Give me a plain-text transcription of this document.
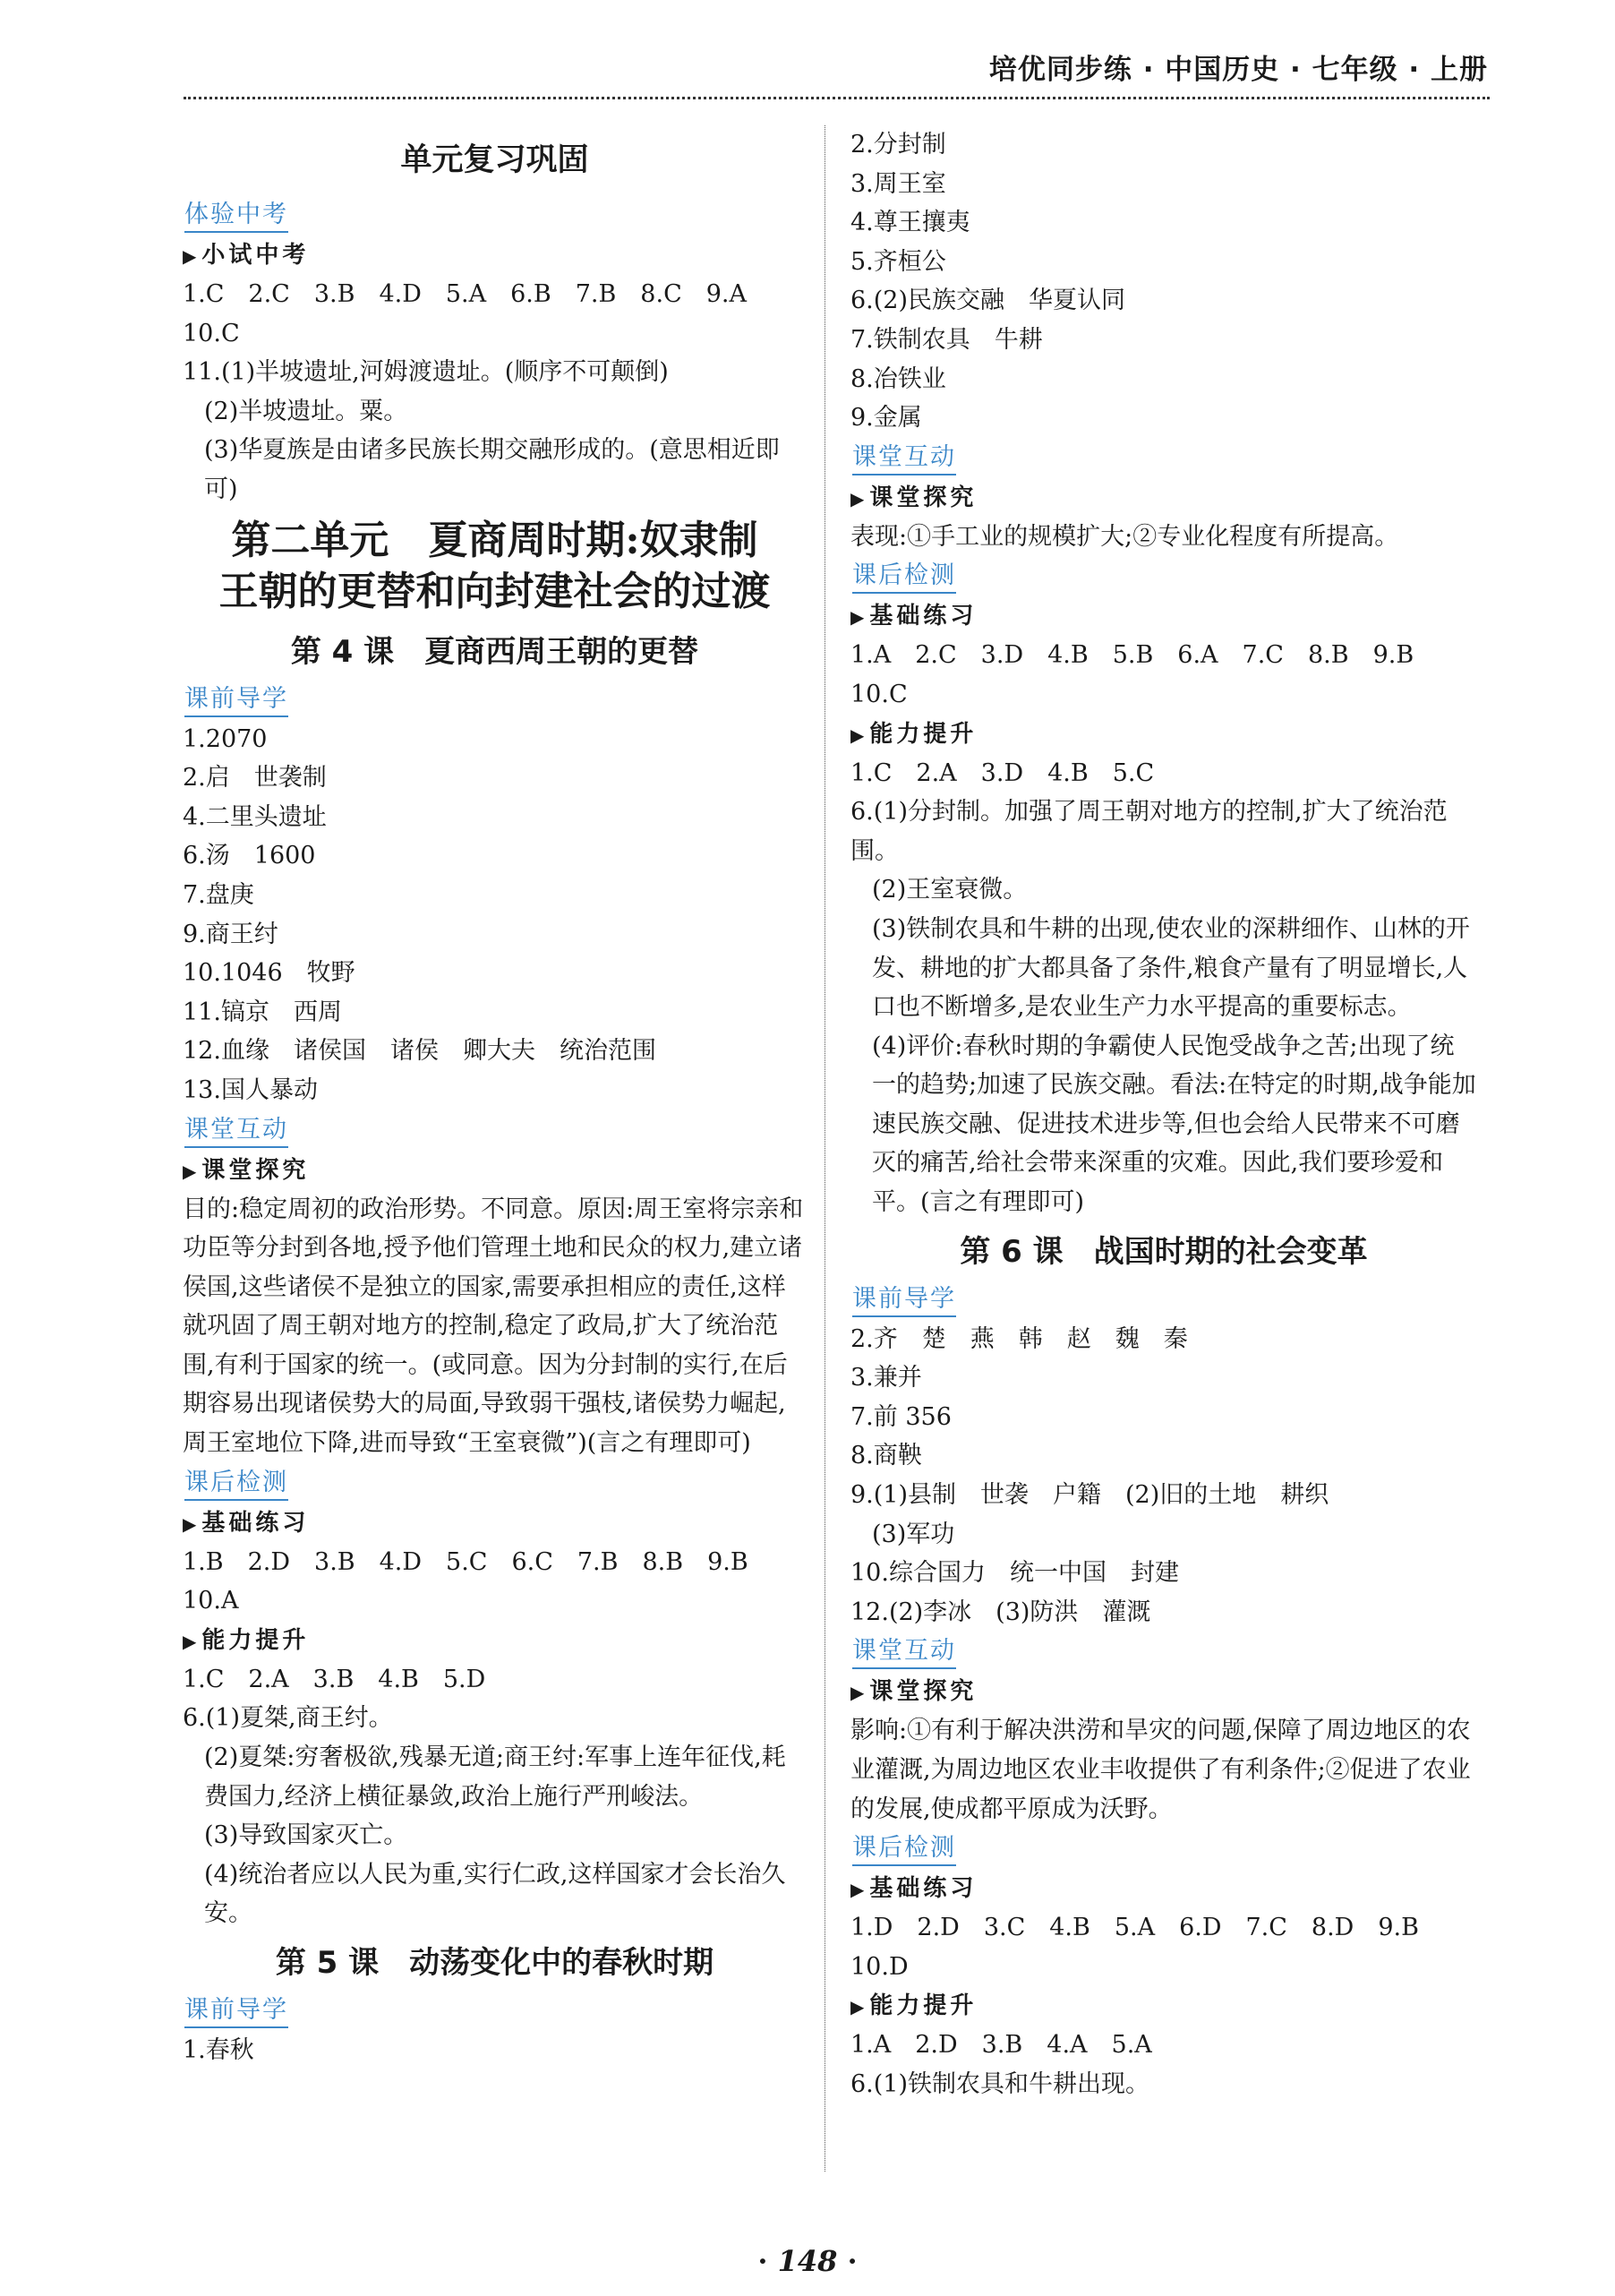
培优同步练 · 中国历史 · 七年级 · 上册
单元复习巩固
体验中考
▶ 小试中考
1.C　2.C　3.B　4.D　5.A　6.B　7.B　8.C　9.A
10.C
11.(1)半坡遗址,河姆渡遗址。(顺序不可颠倒)
(2)半坡遗址。粟。
(3)华夏族是由诸多民族长期交融形成的。(意思相近即可)
第二单元　夏商周时期:奴隶制
王朝的更替和向封建社会的过渡
第 4 课　夏商西周王朝的更替
课前导学
1.2070
2.启　世袭制
4.二里头遗址
6.汤　1600
7.盘庚
9.商王纣
10.1046　牧野
11.镐京　西周
12.血缘　诸侯国　诸侯　卿大夫　统治范围
13.国人暴动
课堂互动
▶ 课堂探究
目的:稳定周初的政治形势。不同意。原因:周王室将宗亲和功臣等分封到各地,授予他们管理土地和民众的权力,建立诸侯国,这些诸侯不是独立的国家,需要承担相应的责任,这样就巩固了周王朝对地方的控制,稳定了政局,扩大了统治范围,有利于国家的统一。(或同意。因为分封制的实行,在后期容易出现诸侯势大的局面,导致弱干强枝,诸侯势力崛起,周王室地位下降,进而导致“王室衰微”)(言之有理即可)
课后检测
▶ 基础练习
1.B　2.D　3.B　4.D　5.C　6.C　7.B　8.B　9.B
10.A
▶ 能力提升
1.C　2.A　3.B　4.B　5.D
6.(1)夏桀,商王纣。
(2)夏桀:穷奢极欲,残暴无道;商王纣:军事上连年征伐,耗费国力,经济上横征暴敛,政治上施行严刑峻法。
(3)导致国家灭亡。
(4)统治者应以人民为重,实行仁政,这样国家才会长治久安。
第 5 课　动荡变化中的春秋时期
课前导学
1.春秋
2.分封制
3.周王室
4.尊王攘夷
5.齐桓公
6.(2)民族交融　华夏认同
7.铁制农具　牛耕
8.冶铁业
9.金属
课堂互动
▶ 课堂探究
表现:①手工业的规模扩大;②专业化程度有所提高。
课后检测
▶ 基础练习
1.A　2.C　3.D　4.B　5.B　6.A　7.C　8.B　9.B
10.C
▶ 能力提升
1.C　2.A　3.D　4.B　5.C
6.(1)分封制。加强了周王朝对地方的控制,扩大了统治范围。
(2)王室衰微。
(3)铁制农具和牛耕的出现,使农业的深耕细作、山林的开发、耕地的扩大都具备了条件,粮食产量有了明显增长,人口也不断增多,是农业生产力水平提高的重要标志。
(4)评价:春秋时期的争霸使人民饱受战争之苦;出现了统一的趋势;加速了民族交融。看法:在特定的时期,战争能加速民族交融、促进技术进步等,但也会给人民带来不可磨灭的痛苦,给社会带来深重的灾难。因此,我们要珍爱和平。(言之有理即可)
第 6 课　战国时期的社会变革
课前导学
2.齐　楚　燕　韩　赵　魏　秦
3.兼并
7.前 356
8.商鞅
9.(1)县制　世袭　户籍　(2)旧的土地　耕织
(3)军功
10.综合国力　统一中国　封建
12.(2)李冰　(3)防洪　灌溉
课堂互动
▶ 课堂探究
影响:①有利于解决洪涝和旱灾的问题,保障了周边地区的农业灌溉,为周边地区农业丰收提供了有利条件;②促进了农业的发展,使成都平原成为沃野。
课后检测
▶ 基础练习
1.D　2.D　3.C　4.B　5.A　6.D　7.C　8.D　9.B
10.D
▶ 能力提升
1.A　2.D　3.B　4.A　5.A
6.(1)铁制农具和牛耕出现。
· 148 ·
